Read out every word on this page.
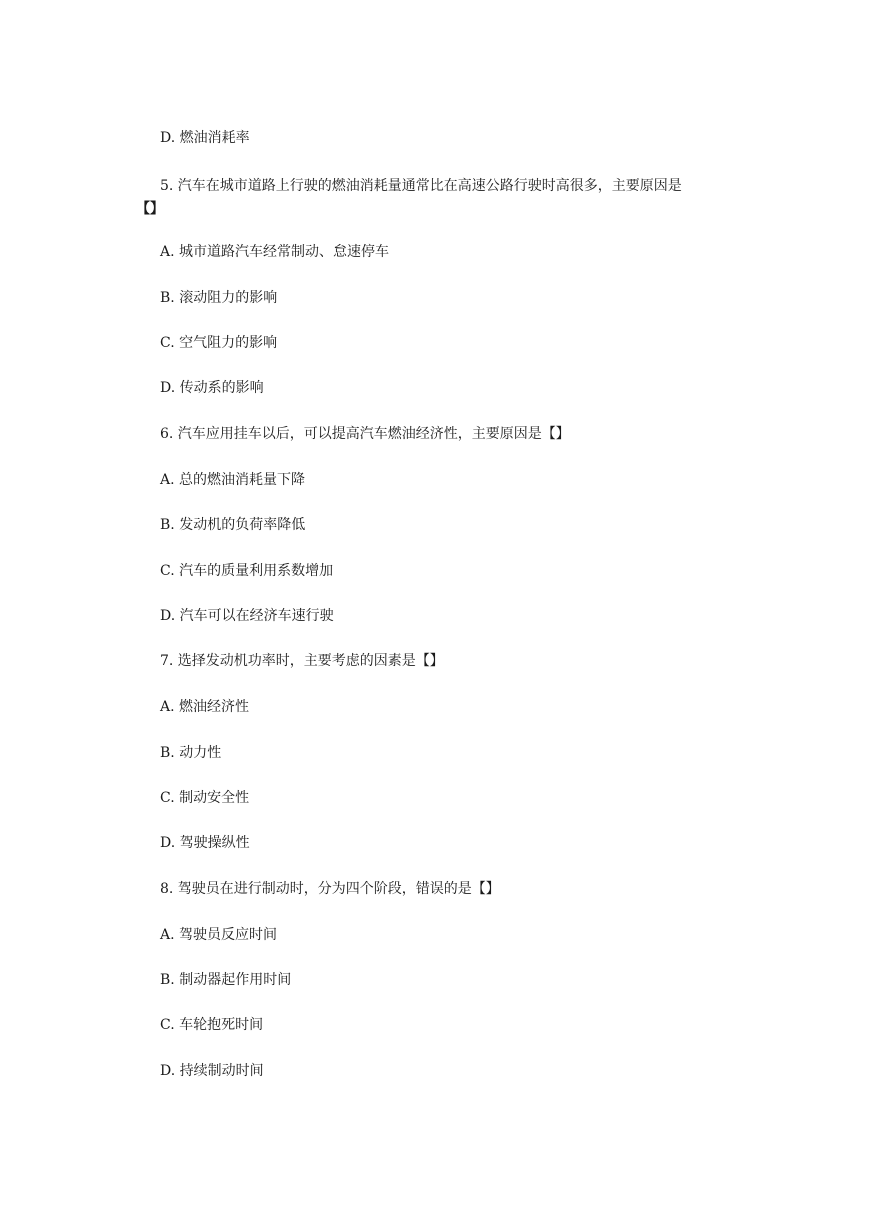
D. 燃油消耗率
5. 汽车在城市道路上行驶的燃油消耗量通常比在高速公路行驶时高很多，主要原因是
【】
A. 城市道路汽车经常制动、怠速停车
B. 滚动阻力的影响
C. 空气阻力的影响
D. 传动系的影响
6. 汽车应用挂车以后，可以提高汽车燃油经济性，主要原因是【】
A. 总的燃油消耗量下降
B. 发动机的负荷率降低
C. 汽车的质量利用系数增加
D. 汽车可以在经济车速行驶
7. 选择发动机功率时，主要考虑的因素是【】
A. 燃油经济性
B. 动力性
C. 制动安全性
D. 驾驶操纵性
8. 驾驶员在进行制动时，分为四个阶段，错误的是【】
A. 驾驶员反应时间
B. 制动器起作用时间
C. 车轮抱死时间
D. 持续制动时间
